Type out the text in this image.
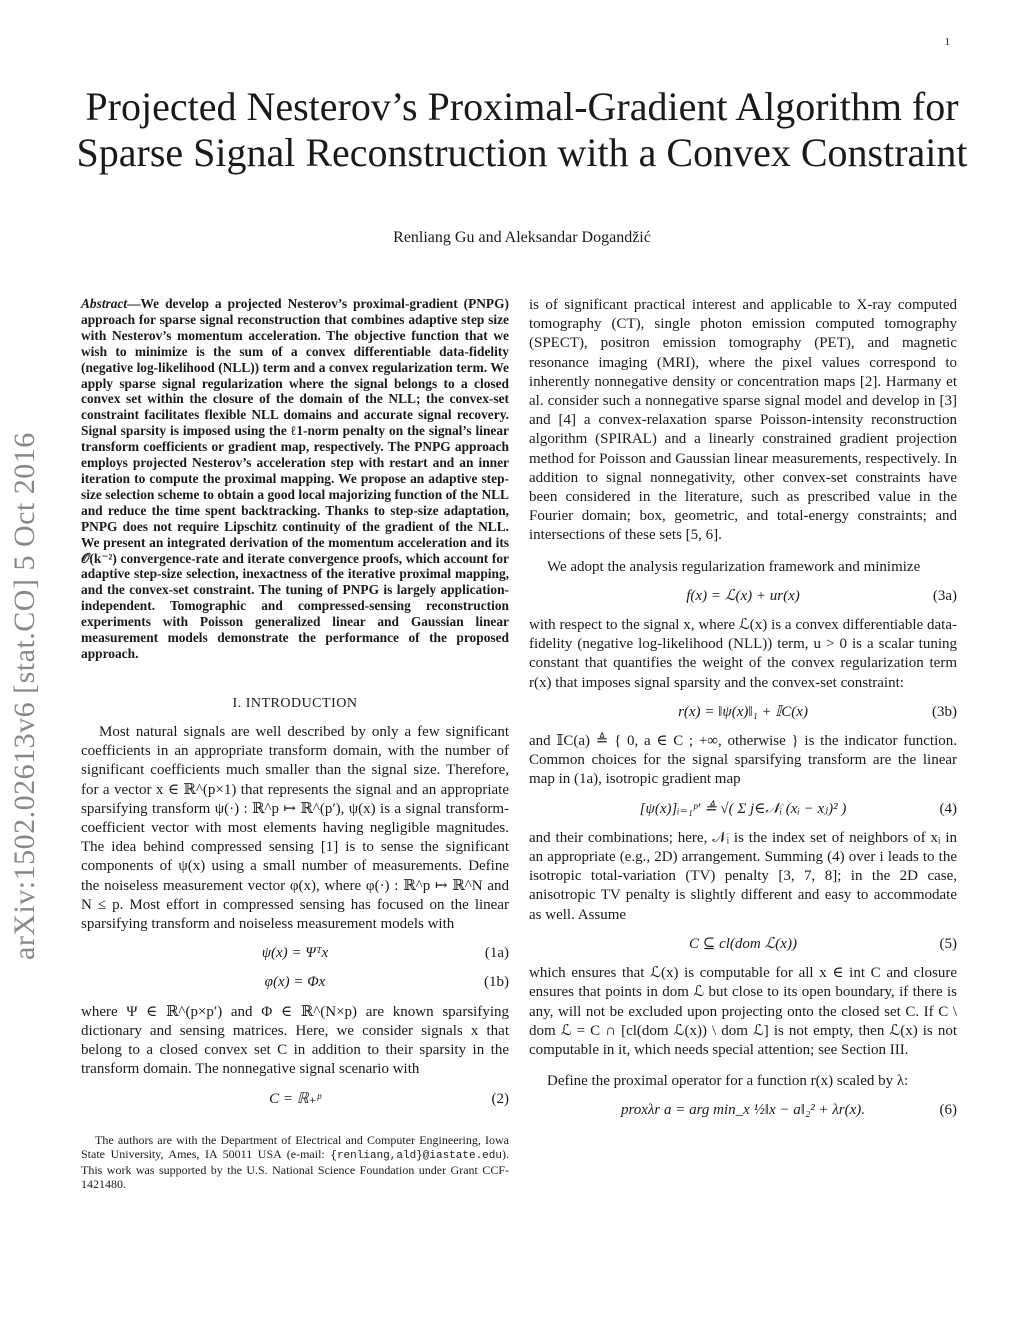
1
arXiv:1502.02613v6 [stat.CO] 5 Oct 2016
Projected Nesterov’s Proximal-Gradient Algorithm for Sparse Signal Reconstruction with a Convex Constraint
Renliang Gu and Aleksandar Dogandžić

Abstract—We develop a projected Nesterov’s proximal-gradient (PNPG) approach for sparse signal reconstruction that combines adaptive step size with Nesterov’s momentum acceleration. The objective function that we wish to minimize is the sum of a convex differentiable data-fidelity (negative log-likelihood (NLL)) term and a convex regularization term. We apply sparse signal regularization where the signal belongs to a closed convex set within the closure of the domain of the NLL; the convex-set constraint facilitates flexible NLL domains and accurate signal recovery. Signal sparsity is imposed using the ℓ1-norm penalty on the signal’s linear transform coefficients or gradient map, respectively. The PNPG approach employs projected Nesterov’s acceleration step with restart and an inner iteration to compute the proximal mapping. We propose an adaptive step-size selection scheme to obtain a good local majorizing function of the NLL and reduce the time spent backtracking. Thanks to step-size adaptation, PNPG does not require Lipschitz continuity of the gradient of the NLL. We present an integrated derivation of the momentum acceleration and its 𝒪(k⁻²) convergence-rate and iterate convergence proofs, which account for adaptive step-size selection, inexactness of the iterative proximal mapping, and the convex-set constraint. The tuning of PNPG is largely application-independent. Tomographic and compressed-sensing reconstruction experiments with Poisson generalized linear and Gaussian linear measurement models demonstrate the performance of the proposed approach.

I. INTRODUCTION

Most natural signals are well described by only a few significant coefficients in an appropriate transform domain, with the number of significant coefficients much smaller than the signal size. Therefore, for a vector x ∈ ℝ^(p×1) that represents the signal and an appropriate sparsifying transform ψ(·) : ℝ^p ↦ ℝ^(p′), ψ(x) is a signal transform-coefficient vector with most elements having negligible magnitudes. The idea behind compressed sensing [1] is to sense the significant components of ψ(x) using a small number of measurements. Define the noiseless measurement vector φ(x), where φ(·) : ℝ^p ↦ ℝ^N and N ≤ p. Most effort in compressed sensing has focused on the linear sparsifying transform and noiseless measurement models with

ψ(x) = Ψᵀx	(1a)
φ(x) = Φx	(1b)

where Ψ ∈ ℝ^(p×p′) and Φ ∈ ℝ^(N×p) are known sparsifying dictionary and sensing matrices. Here, we consider signals x that belong to a closed convex set C in addition to their sparsity in the transform domain. The nonnegative signal scenario with

C = ℝ₊ᵖ	(2)

The authors are with the Department of Electrical and Computer Engineering, Iowa State University, Ames, IA 50011 USA (e-mail: {renliang,ald}@iastate.edu). This work was supported by the U.S. National Science Foundation under Grant CCF-1421480.

is of significant practical interest and applicable to X-ray computed tomography (CT), single photon emission computed tomography (SPECT), positron emission tomography (PET), and magnetic resonance imaging (MRI), where the pixel values correspond to inherently nonnegative density or concentration maps [2]. Harmany et al. consider such a nonnegative sparse signal model and develop in [3] and [4] a convex-relaxation sparse Poisson-intensity reconstruction algorithm (SPIRAL) and a linearly constrained gradient projection method for Poisson and Gaussian linear measurements, respectively. In addition to signal nonnegativity, other convex-set constraints have been considered in the literature, such as prescribed value in the Fourier domain; box, geometric, and total-energy constraints; and intersections of these sets [5, 6].

We adopt the analysis regularization framework and minimize

f(x) = ℒ(x) + ur(x)	(3a)

with respect to the signal x, where ℒ(x) is a convex differentiable data-fidelity (negative log-likelihood (NLL)) term, u > 0 is a scalar tuning constant that quantifies the weight of the convex regularization term r(x) that imposes signal sparsity and the convex-set constraint:

r(x) = ‖ψ(x)‖₁ + 𝕀C(x)	(3b)

and 𝕀C(a) ≜ { 0, a ∈ C ; +∞, otherwise } is the indicator function. Common choices for the signal sparsifying transform are the linear map in (1a), isotropic gradient map

[ψ(x)]ᵢ₌₁ᵖ′ ≜ √( Σ j∈𝒩ᵢ (xᵢ − xⱼ)² )	(4)

and their combinations; here, 𝒩ᵢ is the index set of neighbors of xᵢ in an appropriate (e.g., 2D) arrangement. Summing (4) over i leads to the isotropic total-variation (TV) penalty [3, 7, 8]; in the 2D case, anisotropic TV penalty is slightly different and easy to accommodate as well. Assume

C ⊆ cl(dom ℒ(x))	(5)

which ensures that ℒ(x) is computable for all x ∈ int C and closure ensures that points in dom ℒ but close to its open boundary, if there is any, will not be excluded upon projecting onto the closed set C. If C \ dom ℒ = C ∩ [cl(dom ℒ(x)) \ dom ℒ] is not empty, then ℒ(x) is not computable in it, which needs special attention; see Section III.

Define the proximal operator for a function r(x) scaled by λ:

proxλr a = arg min_x ½‖x − a‖₂² + λr(x).	(6)
